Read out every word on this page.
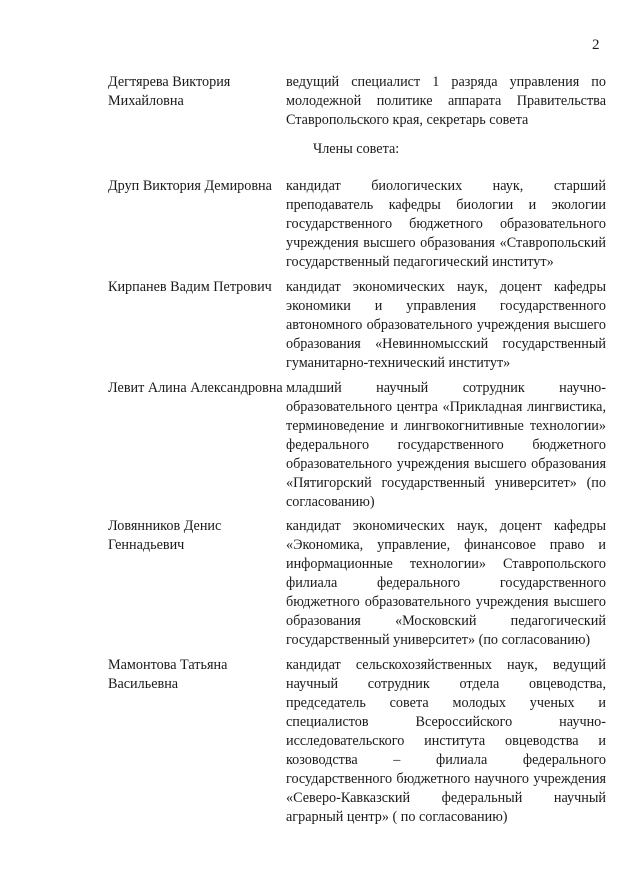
2
Дегтярева Виктория Михайловна
ведущий специалист 1 разряда управления по молодежной политике аппарата Правительства Ставропольского края, секретарь совета
Члены совета:
Друп Виктория Демировна кандидат биологических наук, старший преподаватель кафедры биологии и экологии государственного бюджетного образовательного учреждения высшего образования «Ставропольский государственный педагогический институт»
Кирпанев Вадим Петрович кандидат экономических наук, доцент кафедры экономики и управления государственного автономного образовательного учреждения высшего образования «Невинномысский государственный гуманитарно-технический институт»
Левит Алина Александровна младший научный сотрудник научно-образовательного центра «Прикладная лингвистика, терминоведение и лингвокогнитивные технологии» федерального государственного бюджетного образовательного учреждения высшего образования «Пятигорский государственный университет» (по согласованию)
Ловянников Денис Геннадьевич
кандидат экономических наук, доцент кафедры «Экономика, управление, финансовое право и информационные технологии» Ставропольского филиала федерального государственного бюджетного образовательного учреждения высшего образования «Московский педагогический государственный университет» (по согласованию)
Мамонтова Татьяна Васильевна
кандидат сельскохозяйственных наук, ведущий научный сотрудник отдела овцеводства, председатель совета молодых ученых и специалистов Всероссийского научно-исследовательского института овцеводства и козоводства – филиала федерального государственного бюджетного научного учреждения «Северо-Кавказский федеральный научный аграрный центр» ( по согласованию)
